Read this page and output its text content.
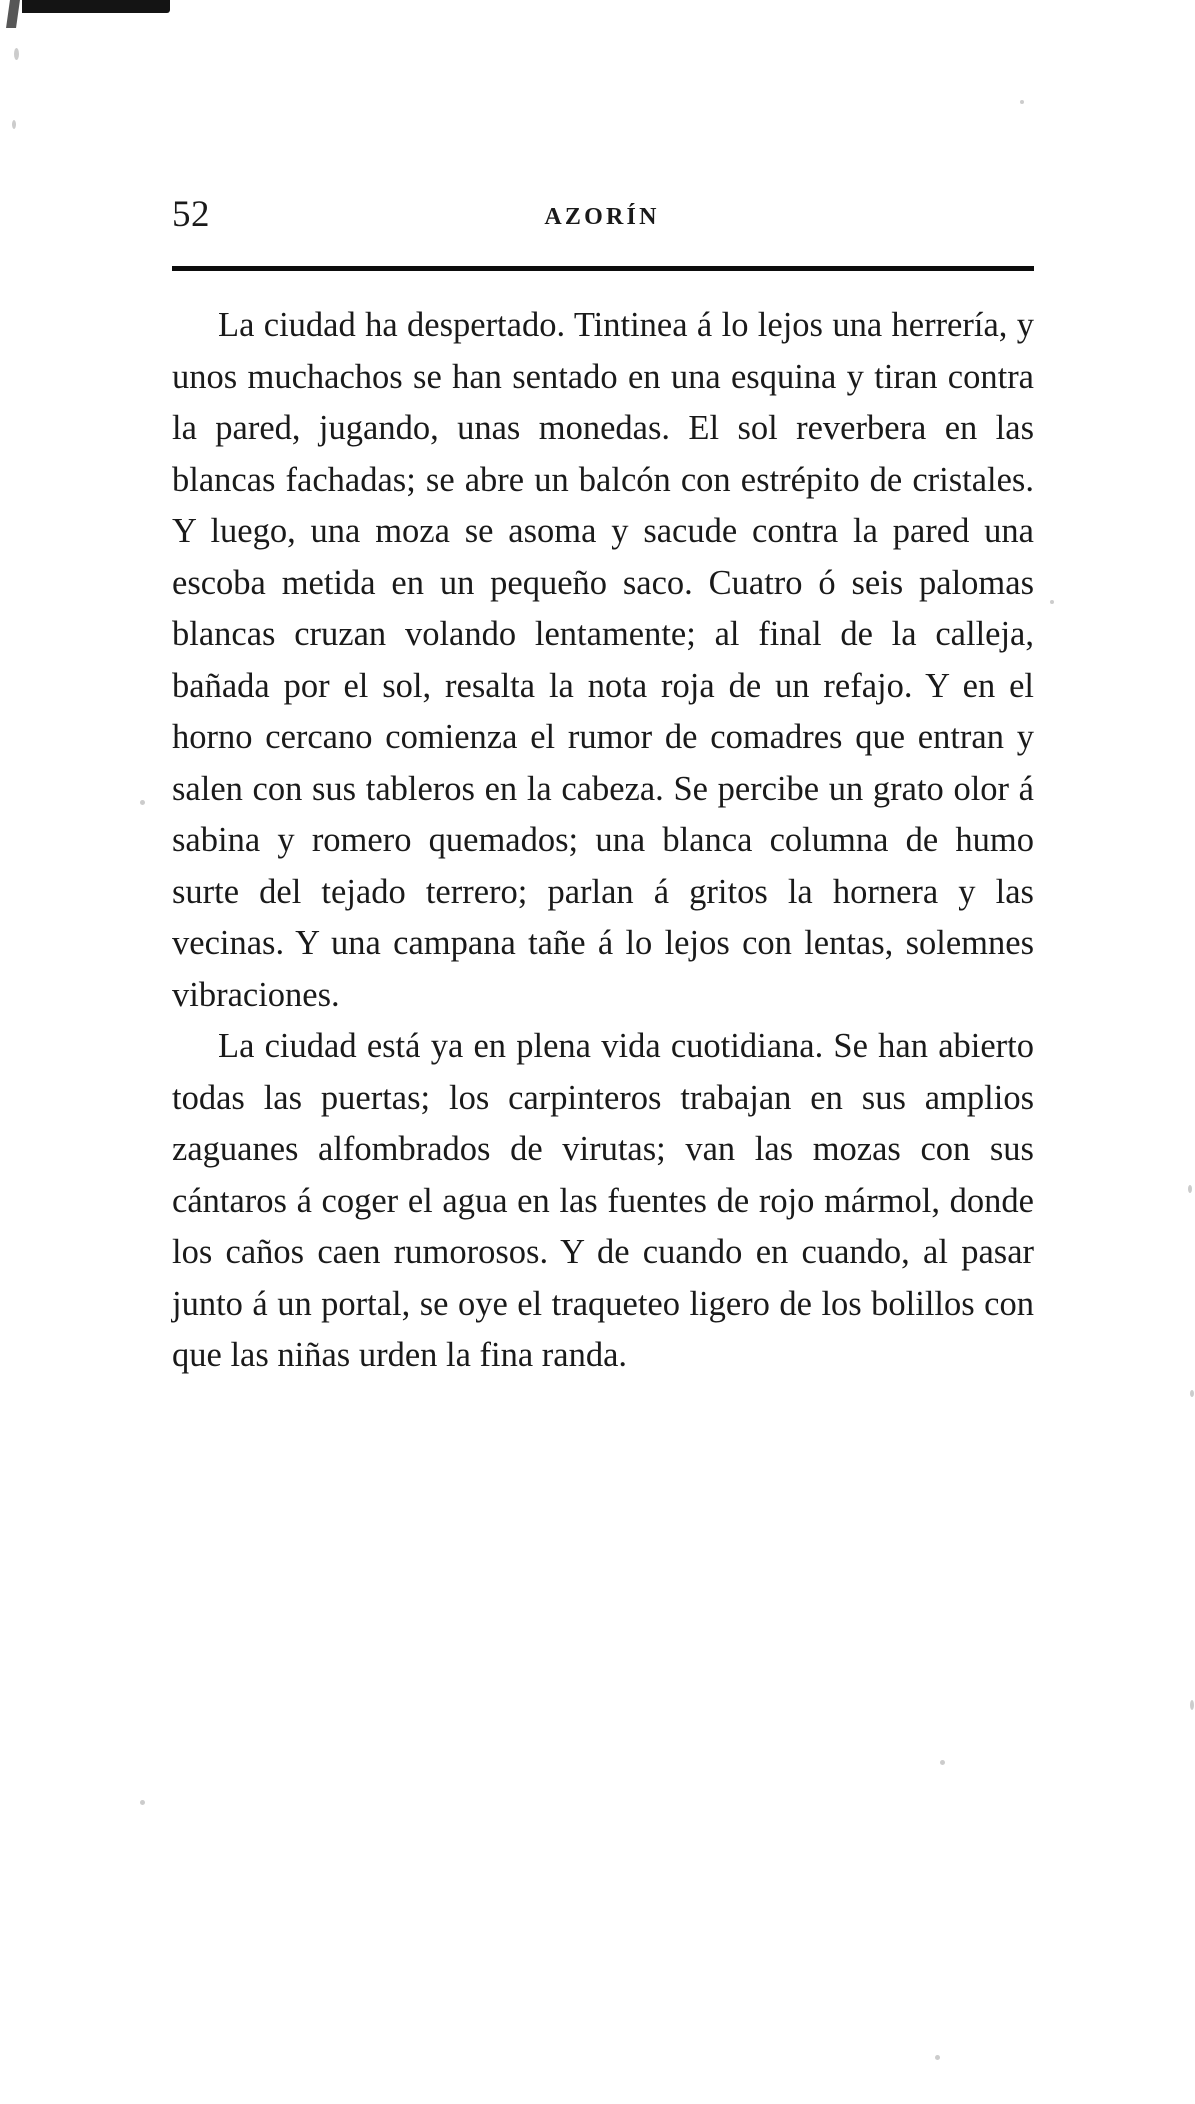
52	AZORÍN

La ciudad ha despertado. Tintinea á lo lejos una herrería, y unos muchachos se han sentado en una esquina y tiran contra la pared, jugando, unas monedas. El sol reverbera en las blancas fachadas; se abre un balcón con estrépito de cristales. Y luego, una moza se asoma y sacude contra la pared una escoba metida en un pequeño saco. Cuatro ó seis palomas blancas cruzan volando lentamente; al final de la calleja, bañada por el sol, resalta la nota roja de un refajo. Y en el horno cercano comienza el rumor de comadres que entran y salen con sus tableros en la cabeza. Se percibe un grato olor á sabina y romero quemados; una blanca columna de humo surte del tejado terrero; parlan á gritos la hornera y las vecinas. Y una campana tañe á lo lejos con lentas, solemnes vibraciones.

La ciudad está ya en plena vida cuotidiana. Se han abierto todas las puertas; los carpinteros trabajan en sus amplios zaguanes alfombrados de virutas; van las mozas con sus cántaros á coger el agua en las fuentes de rojo mármol, donde los caños caen rumorosos. Y de cuando en cuando, al pasar junto á un portal, se oye el traqueteo ligero de los bolillos con que las niñas urden la fina randa.
